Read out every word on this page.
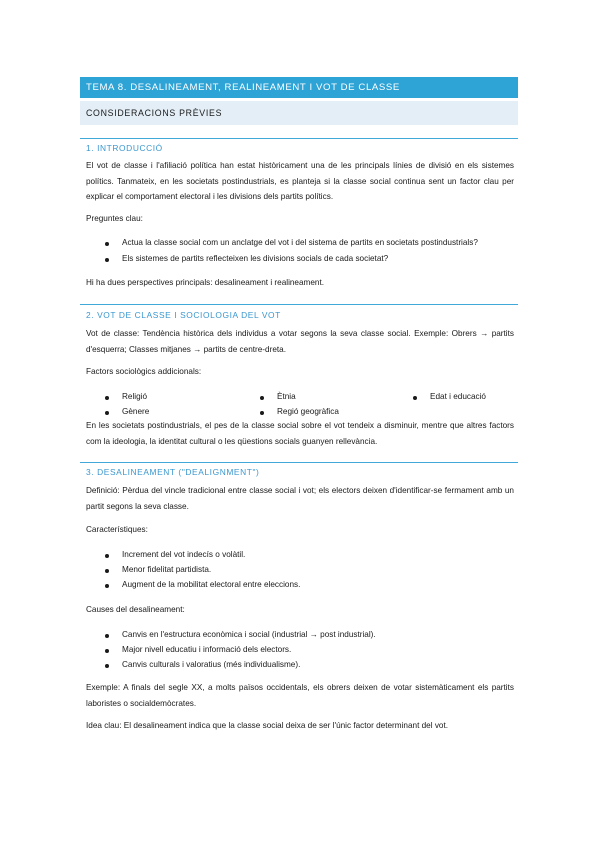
TEMA 8. DESALINEAMENT, REALINEAMENT I VOT DE CLASSE
CONSIDERACIONS PRÈVIES
1. INTRODUCCIÓ

El vot de classe i l'afiliació política han estat històricament una de les principals línies de divisió en els sistemes polítics. Tanmateix, en les societats postindustrials, es planteja si la classe social continua sent un factor clau per explicar el comportament electoral i les divisions dels partits polítics.

Preguntes clau:
Actua la classe social com un anclatge del vot i del sistema de partits en societats postindustrials?
Els sistemes de partits reflecteixen les divisions socials de cada societat?
Hi ha dues perspectives principals: desalineament i realineament.
2. VOT DE CLASSE I SOCIOLOGIA DEL VOT

Vot de classe: Tendència històrica dels individus a votar segons la seva classe social. Exemple: Obrers → partits d'esquerra; Classes mitjanes → partits de centre-dreta.

Factors sociològics addicionals:
Religió
Gènere
Ètnia
Regió geogràfica
Edat i educació

En les societats postindustrials, el pes de la classe social sobre el vot tendeix a disminuir, mentre que altres factors com la ideologia, la identitat cultural o les qüestions socials guanyen rellevància.

3. DESALINEAMENT ("DEALIGNMENT")

Definició: Pèrdua del vincle tradicional entre classe social i vot; els electors deixen d'identificar-se fermament amb un partit segons la seva classe.

Característiques:
Increment del vot indecís o volàtil.
Menor fidelitat partidista.
Augment de la mobilitat electoral entre eleccions.
Causes del desalineament:
Canvis en l'estructura econòmica i social (industrial → post industrial).
Major nivell educatiu i informació dels electors.
Canvis culturals i valoratius (més individualisme).

Exemple: A finals del segle XX, a molts països occidentals, els obrers deixen de votar sistemàticament els partits laboristes o socialdemòcrates.

Idea clau: El desalineament indica que la classe social deixa de ser l'únic factor determinant del vot.
